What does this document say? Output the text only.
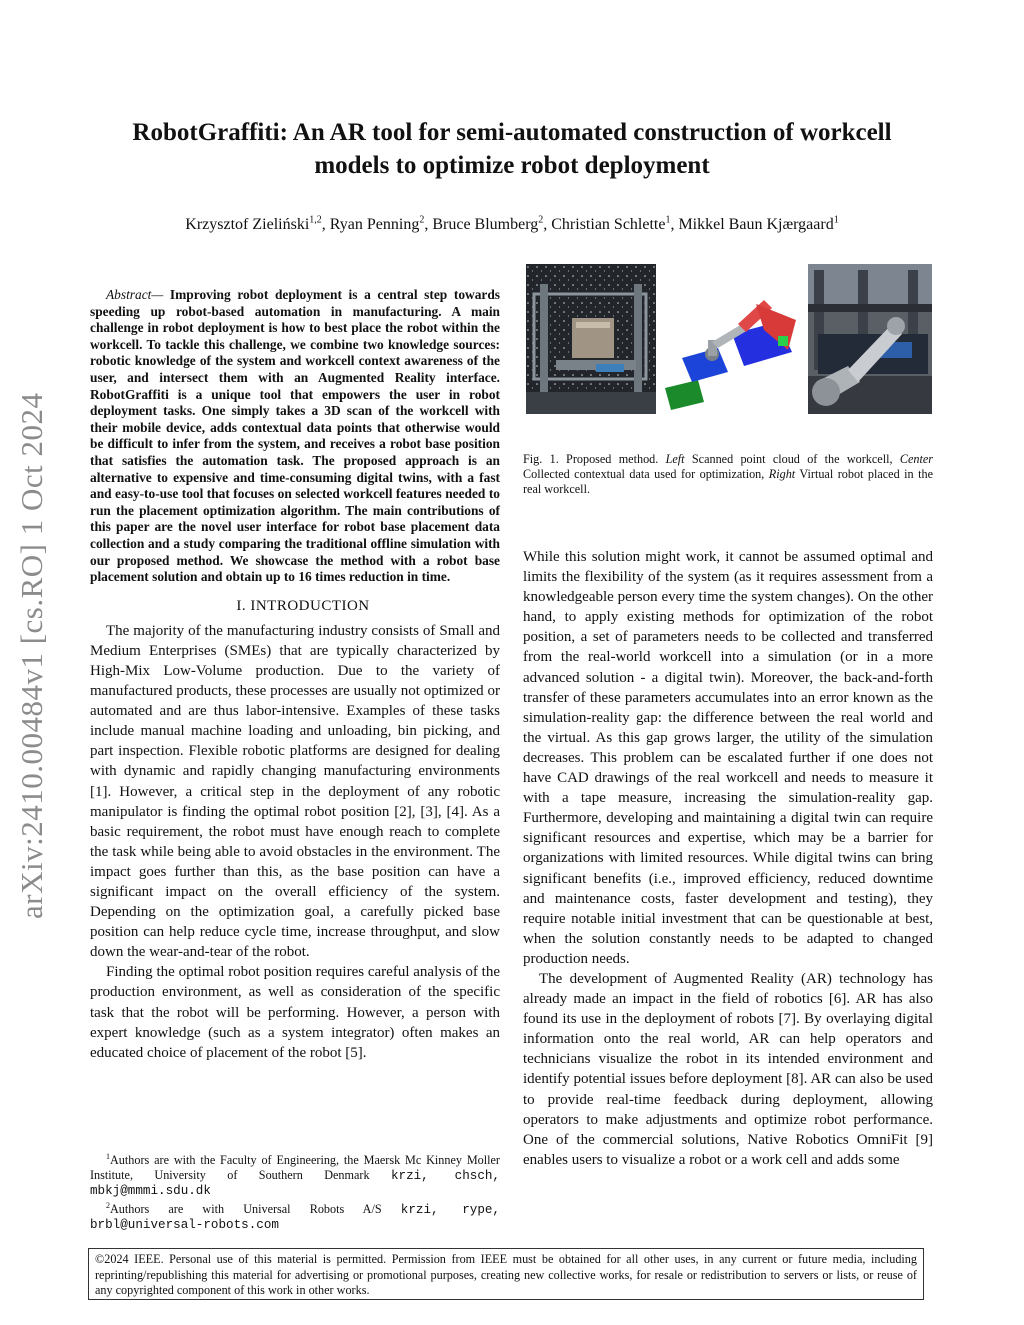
arXiv:2410.00484v1 [cs.RO] 1 Oct 2024
RobotGraffiti: An AR tool for semi-automated construction of workcell
models to optimize robot deployment
Krzysztof Zieliński$^{1,2}$, Ryan Penning$^2$, Bruce Blumberg$^2$, Christian Schlette$^1$, Mikkel Baun Kjærgaard$^1$
Abstract— Improving robot deployment is a central step towards speeding up robot-based automation in manufacturing. A main challenge in robot deployment is how to best place the robot within the workcell. To tackle this challenge, we combine two knowledge sources: robotic knowledge of the system and workcell context awareness of the user, and intersect them with an Augmented Reality interface. RobotGraffiti is a unique tool that empowers the user in robot deployment tasks. One simply takes a 3D scan of the workcell with their mobile device, adds contextual data points that otherwise would be difficult to infer from the system, and receives a robot base position that satisfies the automation task. The proposed approach is an alternative to expensive and time-consuming digital twins, with a fast and easy-to-use tool that focuses on selected workcell features needed to run the placement optimization algorithm. The main contributions of this paper are the novel user interface for robot base placement data collection and a study comparing the traditional offline simulation with our proposed method. We showcase the method with a robot base placement solution and obtain up to 16 times reduction in time.

I. INTRODUCTION

The majority of the manufacturing industry consists of Small and Medium Enterprises (SMEs) that are typically characterized by High-Mix Low-Volume production. Due to the variety of manufactured products, these processes are usually not optimized or automated and are thus labor-intensive. Examples of these tasks include manual machine loading and unloading, bin picking, and part inspection. Flexible robotic platforms are designed for dealing with dynamic and rapidly changing manufacturing environments [1]. However, a critical step in the deployment of any robotic manipulator is finding the optimal robot position [2], [3], [4]. As a basic requirement, the robot must have enough reach to complete the task while being able to avoid obstacles in the environment. The impact goes further than this, as the base position can have a significant impact on the overall efficiency of the system. Depending on the optimization goal, a carefully picked base position can help reduce cycle time, increase throughput, and slow down the wear-and-tear of the robot.

Finding the optimal robot position requires careful analysis of the production environment, as well as consideration of the specific task that the robot will be performing. However, a person with expert knowledge (such as a system integrator) often makes an educated choice of placement of the robot [5].

$^1$Authors are with the Faculty of Engineering, the Maersk Mc Kinney Moller Institute, University of Southern Denmark krzi, chsch, mbkj@mmmi.sdu.dk
$^2$Authors are with Universal Robots A/S krzi, rype, brbl@universal-robots.com
Fig. 1. Proposed method. Left Scanned point cloud of the workcell, Center Collected contextual data used for optimization, Right Virtual robot placed in the real workcell.

While this solution might work, it cannot be assumed optimal and limits the flexibility of the system (as it requires assessment from a knowledgeable person every time the system changes). On the other hand, to apply existing methods for optimization of the robot position, a set of parameters needs to be collected and transferred from the real-world workcell into a simulation (or in a more advanced solution - a digital twin). Moreover, the back-and-forth transfer of these parameters accumulates into an error known as the simulation-reality gap: the difference between the real world and the virtual. As this gap grows larger, the utility of the simulation decreases. This problem can be escalated further if one does not have CAD drawings of the real workcell and needs to measure it with a tape measure, increasing the simulation-reality gap. Furthermore, developing and maintaining a digital twin can require significant resources and expertise, which may be a barrier for organizations with limited resources. While digital twins can bring significant benefits (i.e., improved efficiency, reduced downtime and maintenance costs, faster development and testing), they require notable initial investment that can be questionable at best, when the solution constantly needs to be adapted to changed production needs.

The development of Augmented Reality (AR) technology has already made an impact in the field of robotics [6]. AR has also found its use in the deployment of robots [7]. By overlaying digital information onto the real world, AR can help operators and technicians visualize the robot in its intended environment and identify potential issues before deployment [8]. AR can also be used to provide real-time feedback during deployment, allowing operators to make adjustments and optimize robot performance. One of the commercial solutions, Native Robotics OmniFit [9] enables users to visualize a robot or a work cell and adds some

©2024 IEEE. Personal use of this material is permitted. Permission from IEEE must be obtained for all other uses, in any current or future media, including reprinting/republishing this material for advertising or promotional purposes, creating new collective works, for resale or redistribution to servers or lists, or reuse of any copyrighted component of this work in other works.
